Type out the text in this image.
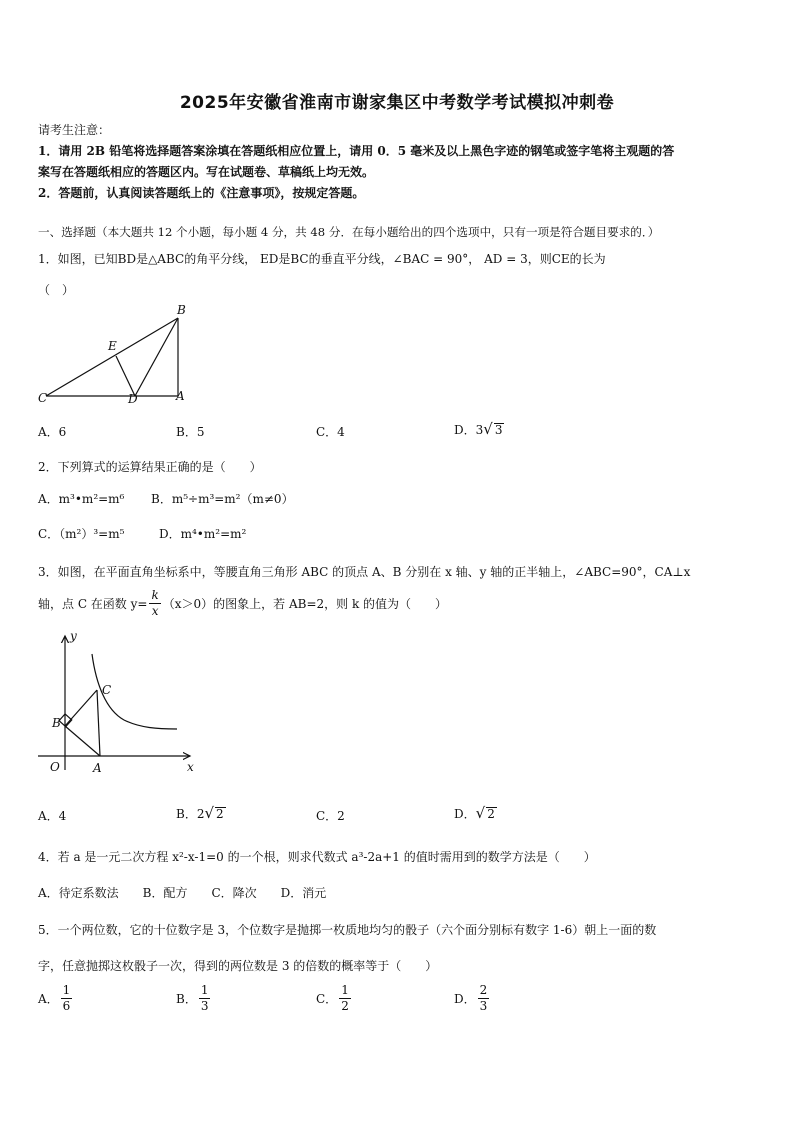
2025年安徽省淮南市谢家集区中考数学考试模拟冲刺卷
请考生注意：
1．请用 2B 铅笔将选择题答案涂填在答题纸相应位置上，请用 0．5 毫米及以上黑色字迹的钢笔或签字笔将主观题的答
案写在答题纸相应的答题区内。写在试题卷、草稿纸上均无效。
2．答题前，认真阅读答题纸上的《注意事项》，按规定答题。
一、选择题（本大题共 12 个小题，每小题 4 分，共 48 分．在每小题给出的四个选项中，只有一项是符合题目要求的．）
1．如图，已知BD是△ABC的角平分线， ED是BC的垂直平分线，∠BAC = 90°， AD = 3，则CE的长为
（　）
B
E
C	D	A
A．6	B．5	C．4	D．3√ 3
2．下列算式的运算结果正确的是（　　）
A．m³•m²=m⁶ B．m⁵÷m³=m²（m≠0）
C．（m²）³=m⁵	D．m⁴•m²=m²
3．如图，在平面直角坐标系中，等腰直角三角形 ABC 的顶点 A、B 分别在 x 轴、y 轴的正半轴上，∠ABC=90°，CA⊥x
轴，点 C 在函数 $y= \frac{k}{x} (x>0)$的图象上，若 AB=2，则 k 的值为（　　）
y
x
O	A
B
C
A．4	B．2√ 2	C．2	D．√ 2
4．若 a 是一元二次方程 x²-x-1=0 的一个根，则求代数式 a³-2a+1 的值时需用到的数学方法是（　　）
A．待定系数法　　B．配方　　C．降次　　D．消元
5．一个两位数，它的十位数字是 3，个位数字是抛掷一枚质地均匀的骰子（六个面分别标有数字 1-6）朝上一面的数
字，任意抛掷这枚骰子一次，得到的两位数是 3 的倍数的概率等于（　　）
A． $\frac{1}{6}$	B． $\frac{1}{3}$	C． $\frac{1}{2}$	D． $\frac{2}{3}$
